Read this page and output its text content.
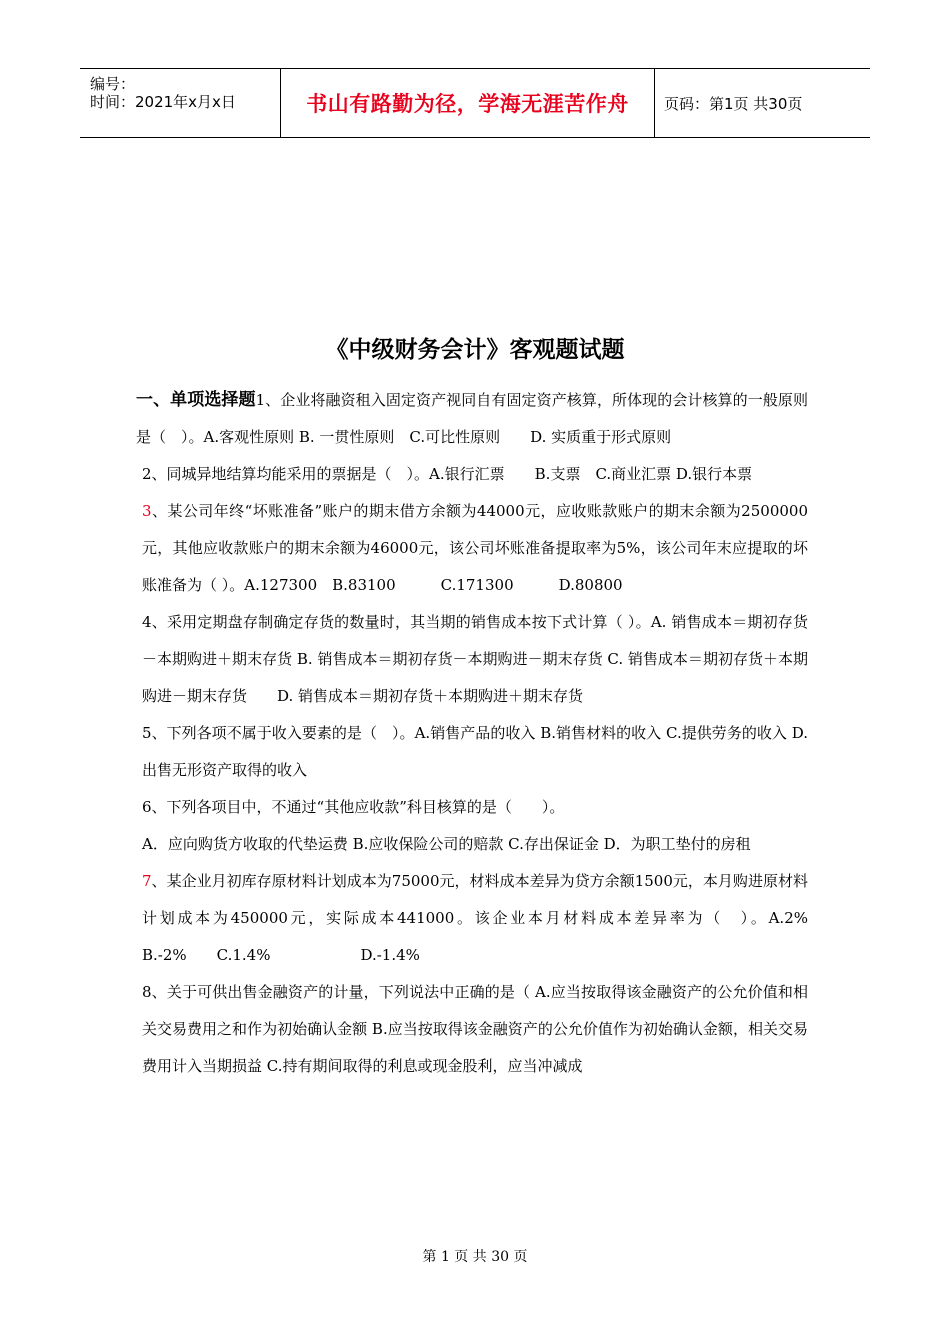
编号：
时间：2021年x月x日	书山有路勤为径，学海无涯苦作舟 页码：第1页 共30页
《中级财务会计》客观题试题

一、单项选择题1、企业将融资租入固定资产视同自有固定资产核算，所体现的会计核算的一般原则是（　）。A.客观性原则 B. 一贯性原则　C.可比性原则　　D. 实质重于形式原则

2、同城异地结算均能采用的票据是（　）。A.银行汇票　　B.支票　C.商业汇票 D.银行本票

3、某公司年终“坏账准备”账户的期末借方余额为44000元，应收账款账户的期末余额为2500000元，其他应收款账户的期末余额为46000元，该公司坏账准备提取率为5%，该公司年末应提取的坏账准备为（ ）。A.127300　B.83100　　　C.171300　　　D.80800

4、采用定期盘存制确定存货的数量时，其当期的销售成本按下式计算（ ）。A. 销售成本＝期初存货－本期购进＋期末存货 B. 销售成本＝期初存货－本期购进－期末存货 C. 销售成本＝期初存货＋本期购进－期末存货　　D. 销售成本＝期初存货＋本期购进＋期末存货

5、下列各项不属于收入要素的是（　）。A.销售产品的收入 B.销售材料的收入 C.提供劳务的收入 D.出售无形资产取得的收入

6、下列各项目中，不通过“其他应收款”科目核算的是（　　）。

A．应向购货方收取的代垫运费 B.应收保险公司的赔款 C.存出保证金 D．为职工垫付的房租

7、某企业月初库存原材料计划成本为75000元，材料成本差异为贷方余额1500元，本月购进原材料计划成本为450000元，实际成本441000。该企业本月材料成本差异率为（　）。A.2%　　　　B.-2%　　C.1.4%　　　　　　D.-1.4%

8、关于可供出售金融资产的计量，下列说法中正确的是（ A.应当按取得该金融资产的公允价值和相关交易费用之和作为初始确认金额 B.应当按取得该金融资产的公允价值作为初始确认金额，相关交易费用计入当期损益 C.持有期间取得的利息或现金股利，应当冲减成

第 1 页 共 30 页
